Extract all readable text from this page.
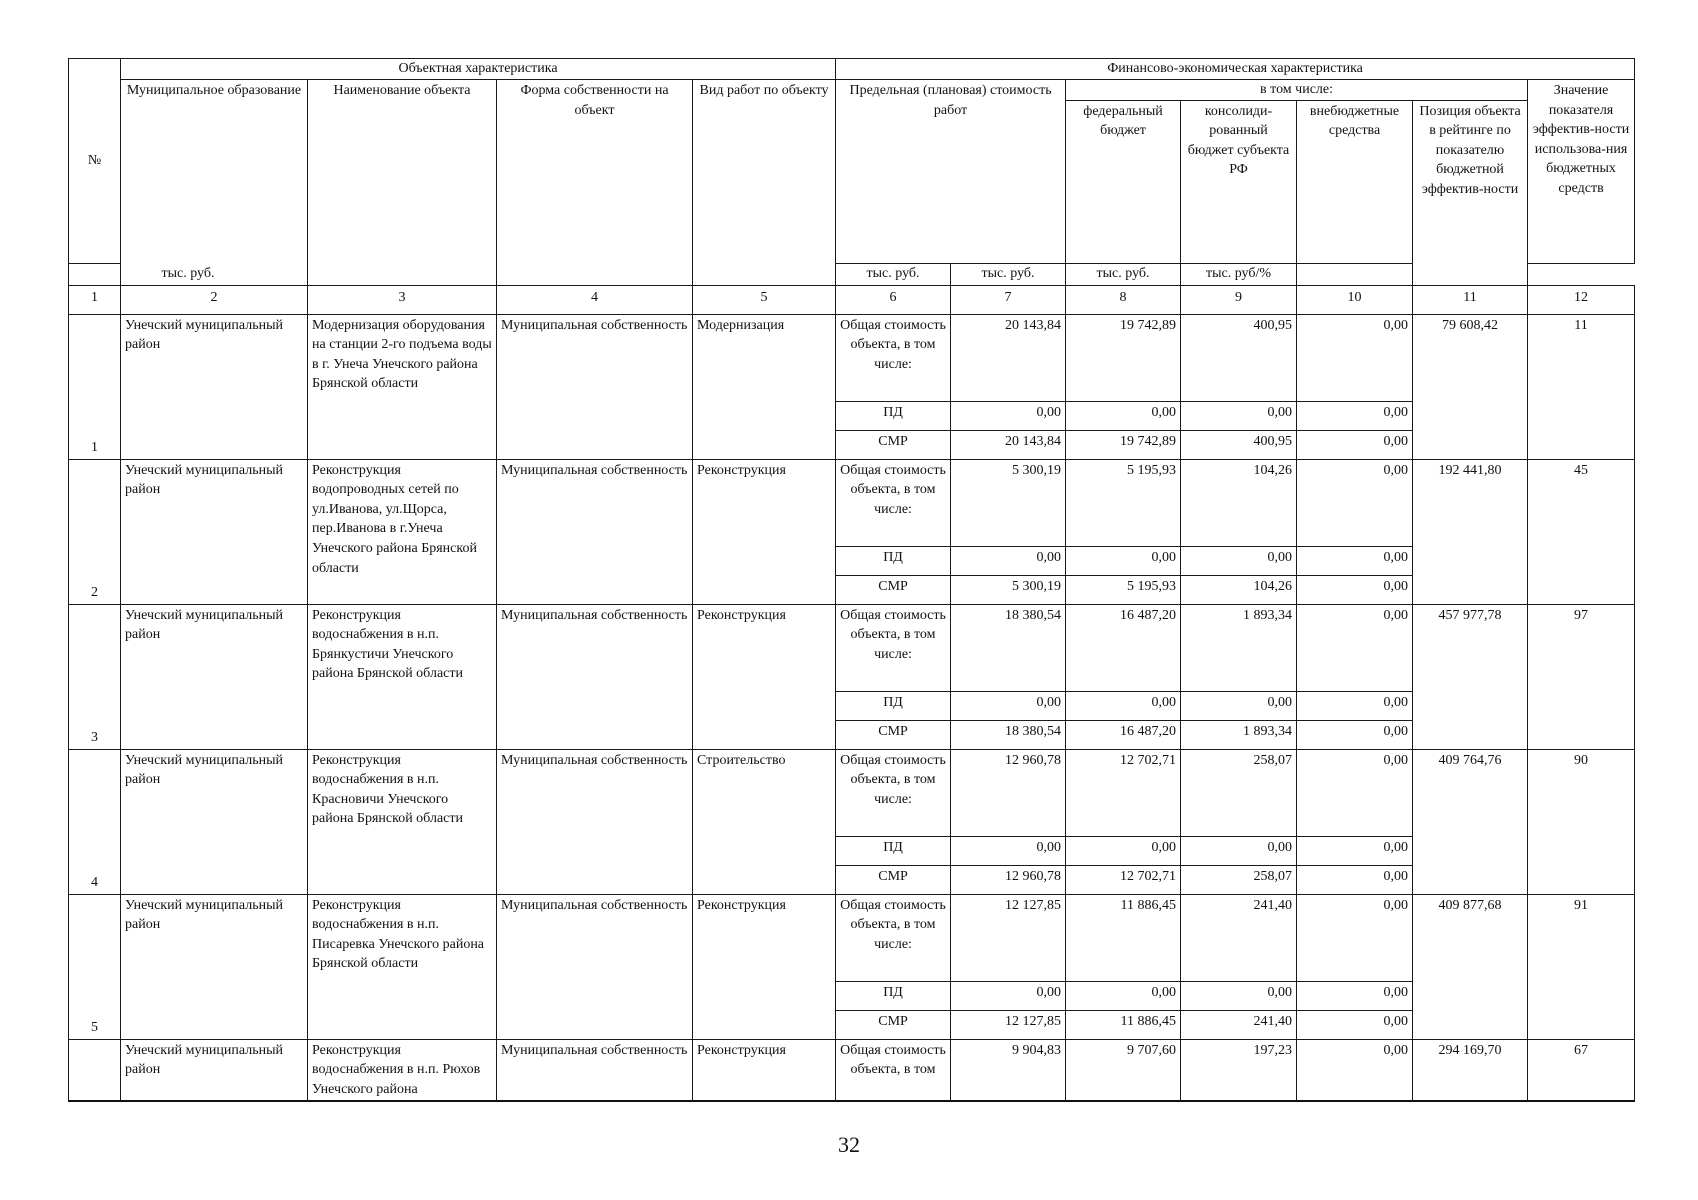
№	Объектная характеристика				Финансово-экономическая характеристика						
	Муниципальное образование	Наименование объекта	Форма собственности на объект	Вид работ по объекту	Предельная (плановая) стоимость работ		в том числе:				Значение показателя эффектив-ности использова-ния бюджетных средств
							федеральный бюджет	консолиди-рованный бюджет субъекта РФ	внебюджетные средства	Позиция объекта в рейтинге по показателю бюджетной эффектив-ности	
тыс. руб.					тыс. руб.	тыс. руб.	тыс. руб.	тыс. руб/%			
1	2	3	4	5	6	7	8	9	10	11	12
1	Унечский муниципальный район	Модернизация оборудования на станции 2-го подъема воды в г. Унеча Унечского района Брянской области	Муниципальная собственность	Модернизация	Общая стоимость объекта, в том числе:	20 143,84	19 742,89	400,95	0,00	79 608,42	11
					ПД	0,00	0,00	0,00	0,00		
					СМР	20 143,84	19 742,89	400,95	0,00		
2	Унечский муниципальный район	Реконструкция водопроводных сетей по ул.Иванова, ул.Щорса, пер.Иванова в г.Унеча Унечского района Брянской области	Муниципальная собственность	Реконструкция	Общая стоимость объекта, в том числе:	5 300,19	5 195,93	104,26	0,00	192 441,80	45
					ПД	0,00	0,00	0,00	0,00		
					СМР	5 300,19	5 195,93	104,26	0,00		
3	Унечский муниципальный район	Реконструкция водоснабжения в н.п. Брянкустичи Унечского района Брянской области	Муниципальная собственность	Реконструкция	Общая стоимость объекта, в том числе:	18 380,54	16 487,20	1 893,34	0,00	457 977,78	97
					ПД	0,00	0,00	0,00	0,00		
					СМР	18 380,54	16 487,20	1 893,34	0,00		
4	Унечский муниципальный район	Реконструкция водоснабжения в н.п. Красновичи Унечского района Брянской области	Муниципальная собственность	Строительство	Общая стоимость объекта, в том числе:	12 960,78	12 702,71	258,07	0,00	409 764,76	90
					ПД	0,00	0,00	0,00	0,00		
					СМР	12 960,78	12 702,71	258,07	0,00		
5	Унечский муниципальный район	Реконструкция водоснабжения в н.п. Писаревка Унечского района Брянской области	Муниципальная собственность	Реконструкция	Общая стоимость объекта, в том числе:	12 127,85	11 886,45	241,40	0,00	409 877,68	91
					ПД	0,00	0,00	0,00	0,00		
					СМР	12 127,85	11 886,45	241,40	0,00		
	Унечский муниципальный район	Реконструкция водоснабжения в н.п. Рюхов Унечского района	Муниципальная собственность	Реконструкция	Общая стоимость объекта, в том	9 904,83	9 707,60	197,23	0,00	294 169,70	67
32
